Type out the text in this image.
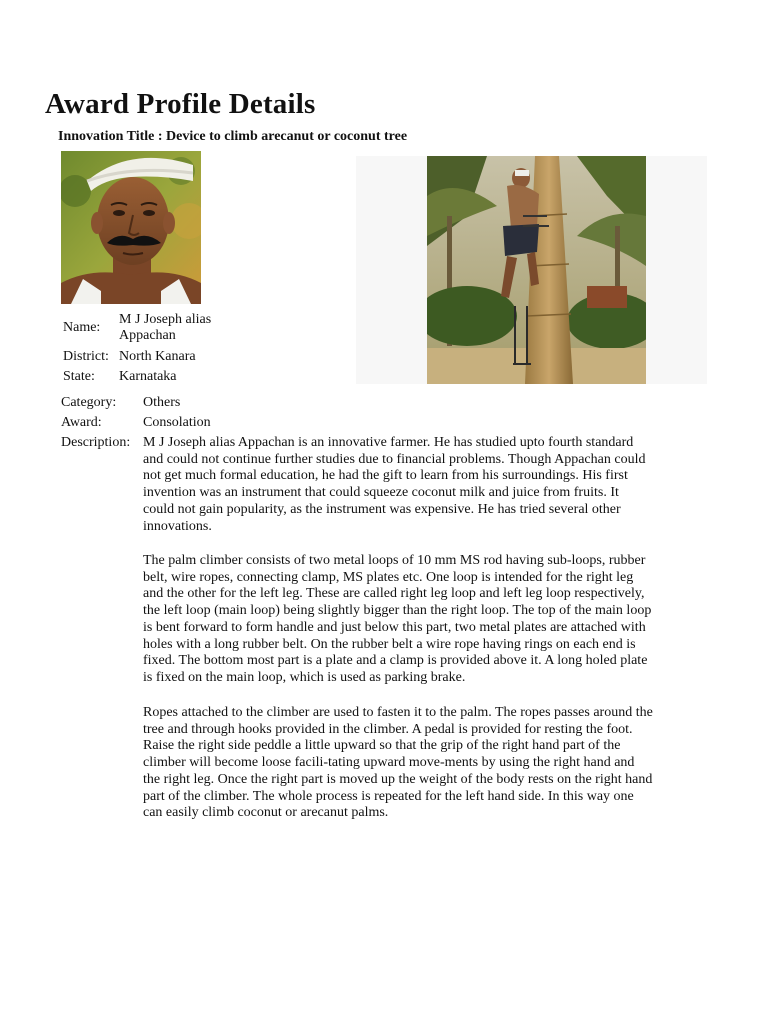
Award Profile Details
Innovation Title : Device to climb arecanut or coconut tree
Name:
M J Joseph alias
Appachan
District: North Kanara
State: Karnataka
Category: Others
Award:	Consolation
Description: M J Joseph alias Appachan is an innovative farmer. He has studied upto fourth standard
and could not continue further studies due to financial problems. Though Appachan could
not get much formal education, he had the gift to learn from his surroundings. His first
invention was an instrument that could squeeze coconut milk and juice from fruits. It
could not gain popularity, as the instrument was expensive. He has tried several other
innovations.
The palm climber consists of two metal loops of 10 mm MS rod having sub-loops, rubber
belt, wire ropes, connecting clamp, MS plates etc. One loop is intended for the right leg
and the other for the left leg. These are called right leg loop and left leg loop respectively,
the left loop (main loop) being slightly bigger than the right loop. The top of the main loop
is bent forward to form handle and just below this part, two metal plates are attached with
holes with a long rubber belt. On the rubber belt a wire rope having rings on each end is
fixed. The bottom most part is a plate and a clamp is provided above it. A long holed plate
is fixed on the main loop, which is used as parking brake.
Ropes attached to the climber are used to fasten it to the palm. The ropes passes around the
tree and through hooks provided in the climber. A pedal is provided for resting the foot.
Raise the right side peddle a little upward so that the grip of the right hand part of the
climber will become loose facili-tating upward move-ments by using the right hand and
the right leg. Once the right part is moved up the weight of the body rests on the right hand
part of the climber. The whole process is repeated for the left hand side. In this way one
can easily climb coconut or arecanut palms.
